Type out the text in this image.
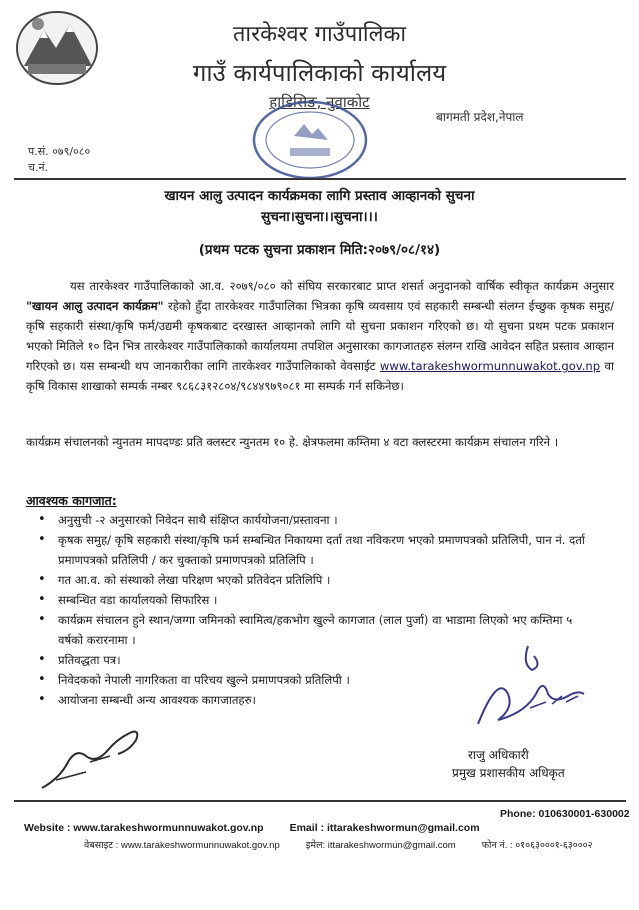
तारकेश्वर गाउँपालिका
गाउँ कार्यपालिकाको कार्यालय
हाडिसिङ, नुवाकोट
बागमती प्रदेश,नेपाल
प.सं. ०७९/०८०
च.नं.
खायन आलु उत्पादन कार्यक्रमका लागि प्रस्ताव आव्हानको सुचना
सुचना।सुचना।।सुचना।।।
(प्रथम पटक सुचना प्रकाशन मिति:२०७९/०८/१४)
यस तारकेश्वर गाउँपालिकाको आ.व. २०७९/०८० को संघिय सरकारबाट प्राप्त शसर्त अनुदानको वार्षिक स्वीकृत कार्यक्रम अनुसार "खायन आलु उत्पादन कार्यक्रम" रहेको हुँदा तारकेश्वर गाउँपालिका भित्रका कृषि व्यवसाय एवं सहकारी सम्बन्धी संलग्न ईच्छुक कृषक समुह/कृषि सहकारी संस्था/कृषि फर्म/उद्यमी कृषकबाट दरखास्त आव्हानको लागि यो सुचना प्रकाशन गरिएको छ। यो सुचना प्रथम पटक प्रकाशन भएको मितिले १० दिन भित्र तारकेश्वर गाउँपालिकाको कार्यालयमा तपशिल अनुसारका कागजातहरु संलग्न राखि आवेदन सहित प्रस्ताव आव्हान गरिएको छ। यस सम्बन्धी थप जानकारीका लागि तारकेश्वर गाउँपालिकाको वेवसाईट www.tarakeshwormunnuwakot.gov.np वा कृषि विकास शाखाको सम्पर्क नम्बर ९८६८३१२८०४/९८४४९७९०८१ मा सम्पर्क गर्न सकिनेछ।
कार्यक्रम संचालनको न्युनतम मापदण्डः प्रति क्लस्टर न्युनतम १० हे. क्षेत्रफलमा कम्तिमा ४ वटा क्लस्टरमा कार्यक्रम संचालन गरिने ।
आवश्यक कागजात:
• अनुसुची -२ अनुसारको निवेदन साथै संक्षिप्त कार्ययोजना/प्रस्तावना ।
• कृषक समुह/ कृषि सहकारी संस्था/कृषि फर्म सम्बन्धित निकायमा दर्ता तथा नविकरण भएको प्रमाणपत्रको प्रतिलिपी, पान नं. दर्ता प्रमाणपत्रको प्रतिलिपी / कर चुक्ताको प्रमाणपत्रको प्रतिलिपि ।
• गत आ.व. को संस्थाको लेखा परिक्षण भएको प्रतिवेदन प्रतिलिपि ।
• सम्बन्धित वडा कार्यालयको सिफारिस ।
• कार्यक्रम संचालन हुने स्थान/जग्गा जमिनको स्वामित्व/हकभोग खुल्ने कागजात (लाल पुर्जा) वा भाडामा लिएको भए कम्तिमा ५ वर्षको करारनामा ।
• प्रतिवद्धता पत्र।
• निवेदकको नेपाली नागरिकता वा परिचय खुल्ने प्रमाणपत्रको प्रतिलिपी ।
• आयोजना सम्बन्धी अन्य आवश्यक कागजातहरु।
राजु अधिकारी
प्रमुख प्रशासकीय अधिकृत
Phone: 010630001-630002
Website : www.tarakeshwormunnuwakot.gov.np Email : ittarakeshwormun@gmail.com
वेबसाइट : www.tarakeshwormunnuwakot.gov.np	इमेल: ittarakeshwormun@gmail.com	फोन नं. : ०१०६३०००१-६३०००२
